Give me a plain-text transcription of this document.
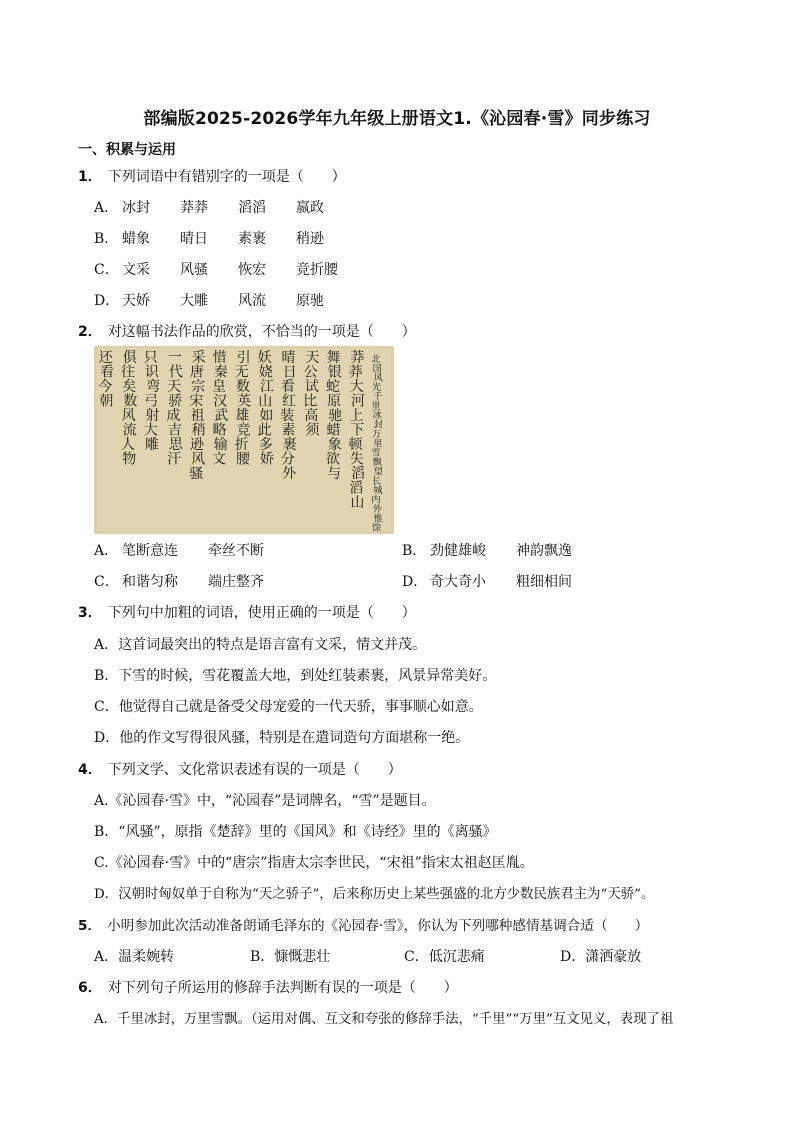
部编版2025-2026学年九年级上册语文1.《沁园春·雪》同步练习
一、积累与运用
1． 下列词语中有错别字的一项是（　　）
A． 冰封 莽莽 滔滔 嬴政
B． 蜡象 晴日 素裹 稍逊
C． 文采 风骚 恢宏 竞折腰
D． 天娇 大雕 风流 原驰
2． 对这幅书法作品的欣赏，不恰当的一项是（　　）
北国风光千里冰封万里雪飘望长城内外惟馀
莽莽大河上下顿失滔滔山
舞银蛇原驰蜡象欲与
天公试比高须
晴日看红装素裹分外
妖娆江山如此多娇
引无数英雄竞折腰
惜秦皇汉武略输文
采唐宗宋祖稍逊风骚
一代天骄成吉思汗
只识弯弓射大雕
俱往矣数风流人物
还看今朝
A． 笔断意连 牵丝不断	B． 劲健雄峻 神韵飘逸
C． 和谐匀称 端庄整齐	D． 奇大奇小 粗细相间
3． 下列句中加粗的词语，使用正确的一项是（　　）
A．这首词最突出的特点是语言富有文采，情文并茂。
B．下雪的时候，雪花覆盖大地，到处红装素裹，风景异常美好。
C．他觉得自己就是备受父母宠爱的一代天骄，事事顺心如意。
D．他的作文写得很风骚，特别是在遣词造句方面堪称一绝。
4． 下列文学、文化常识表述有误的一项是（　　）
A.《沁园春·雪》中，“沁园春”是词牌名，“雪”是题目。
B．“风骚”，原指《楚辞》里的《国风》和《诗经》里的《离骚》
C.《沁园春·雪》中的“唐宗”指唐太宗李世民，“宋祖”指宋太祖赵匡胤。
D．汉朝时匈奴单于自称为“天之骄子”，后来称历史上某些强盛的北方少数民族君主为“天骄”。
5． 小明参加此次活动准备朗诵毛泽东的《沁园春·雪》，你认为下列哪种感情基调合适（　　）
A．温柔婉转	B．慷慨悲壮	C．低沉悲痛	D．潇洒豪放
6． 对下列句子所运用的修辞手法判断有误的一项是（　　）
A．千里冰封，万里雪飘。（运用对偶、互文和夸张的修辞手法，“千里”“万里”互文见义，表现了祖
